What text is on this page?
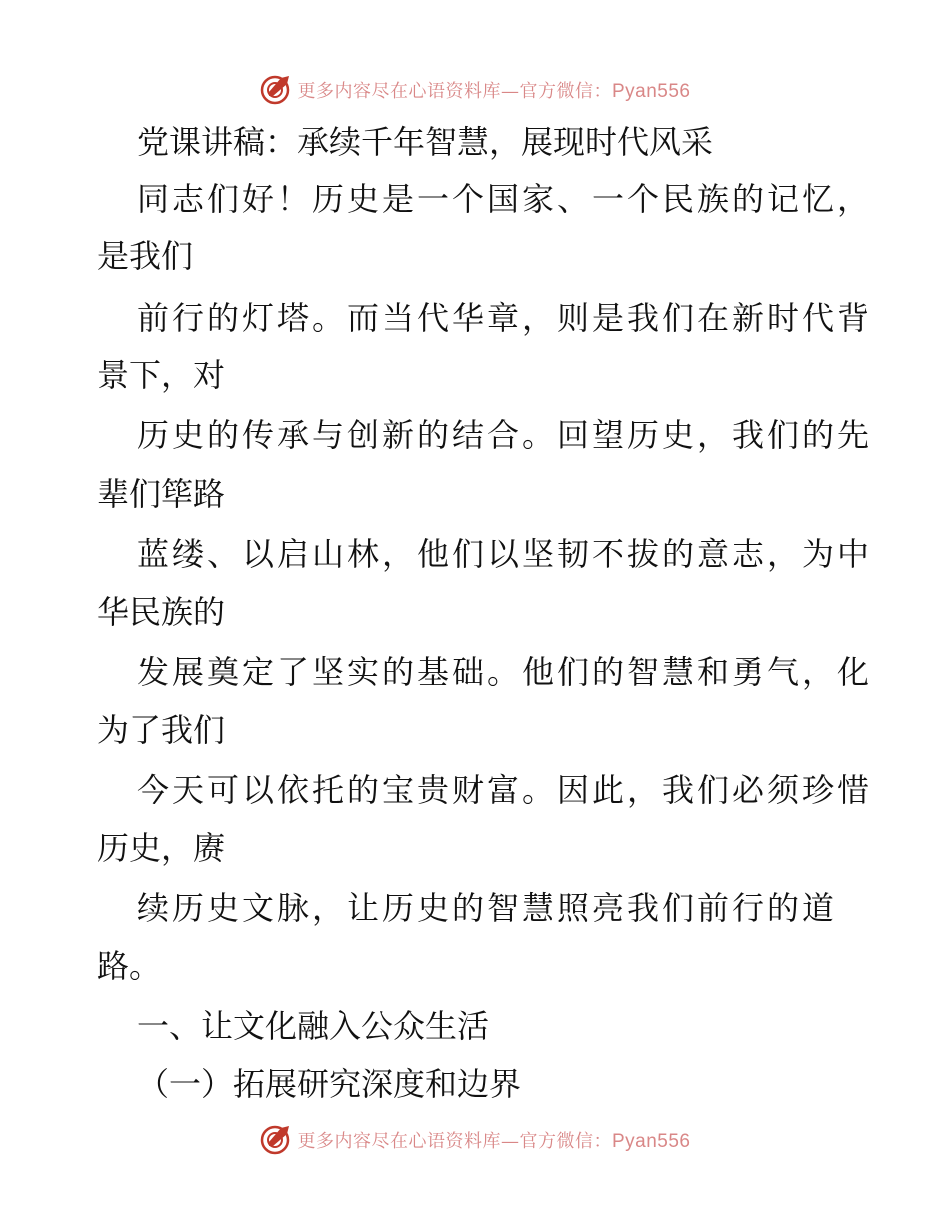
更多内容尽在心语资料库—官方微信：Pyan556
党课讲稿：承续千年智慧，展现时代风采
同志们好！历史是一个国家、一个民族的记忆，
是我们
前行的灯塔。而当代华章，则是我们在新时代背
景下，对
历史的传承与创新的结合。回望历史，我们的先
辈们筚路
蓝缕、以启山林，他们以坚韧不拔的意志，为中
华民族的
发展奠定了坚实的基础。他们的智慧和勇气，化
为了我们
今天可以依托的宝贵财富。因此，我们必须珍惜
历史，赓
续历史文脉，让历史的智慧照亮我们前行的道
路。
一、让文化融入公众生活
（一）拓展研究深度和边界
更多内容尽在心语资料库—官方微信：Pyan556
